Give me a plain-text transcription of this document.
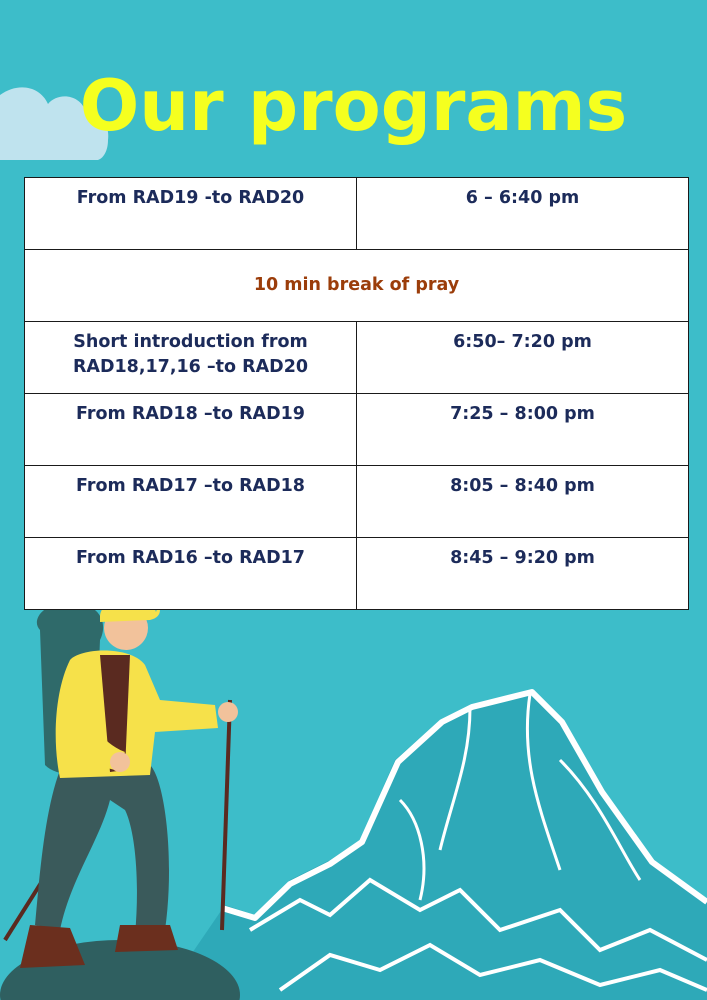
Our programs
From RAD19 -to RAD20	6 – 6:40 pm
10 min break of pray	
Short introduction from
RAD18,17,16 –to RAD20	6:50– 7:20 pm
From RAD18 –to RAD19	7:25 – 8:00 pm
From RAD17 –to RAD18	8:05 – 8:40 pm
From RAD16 –to RAD17	8:45 – 9:20 pm
